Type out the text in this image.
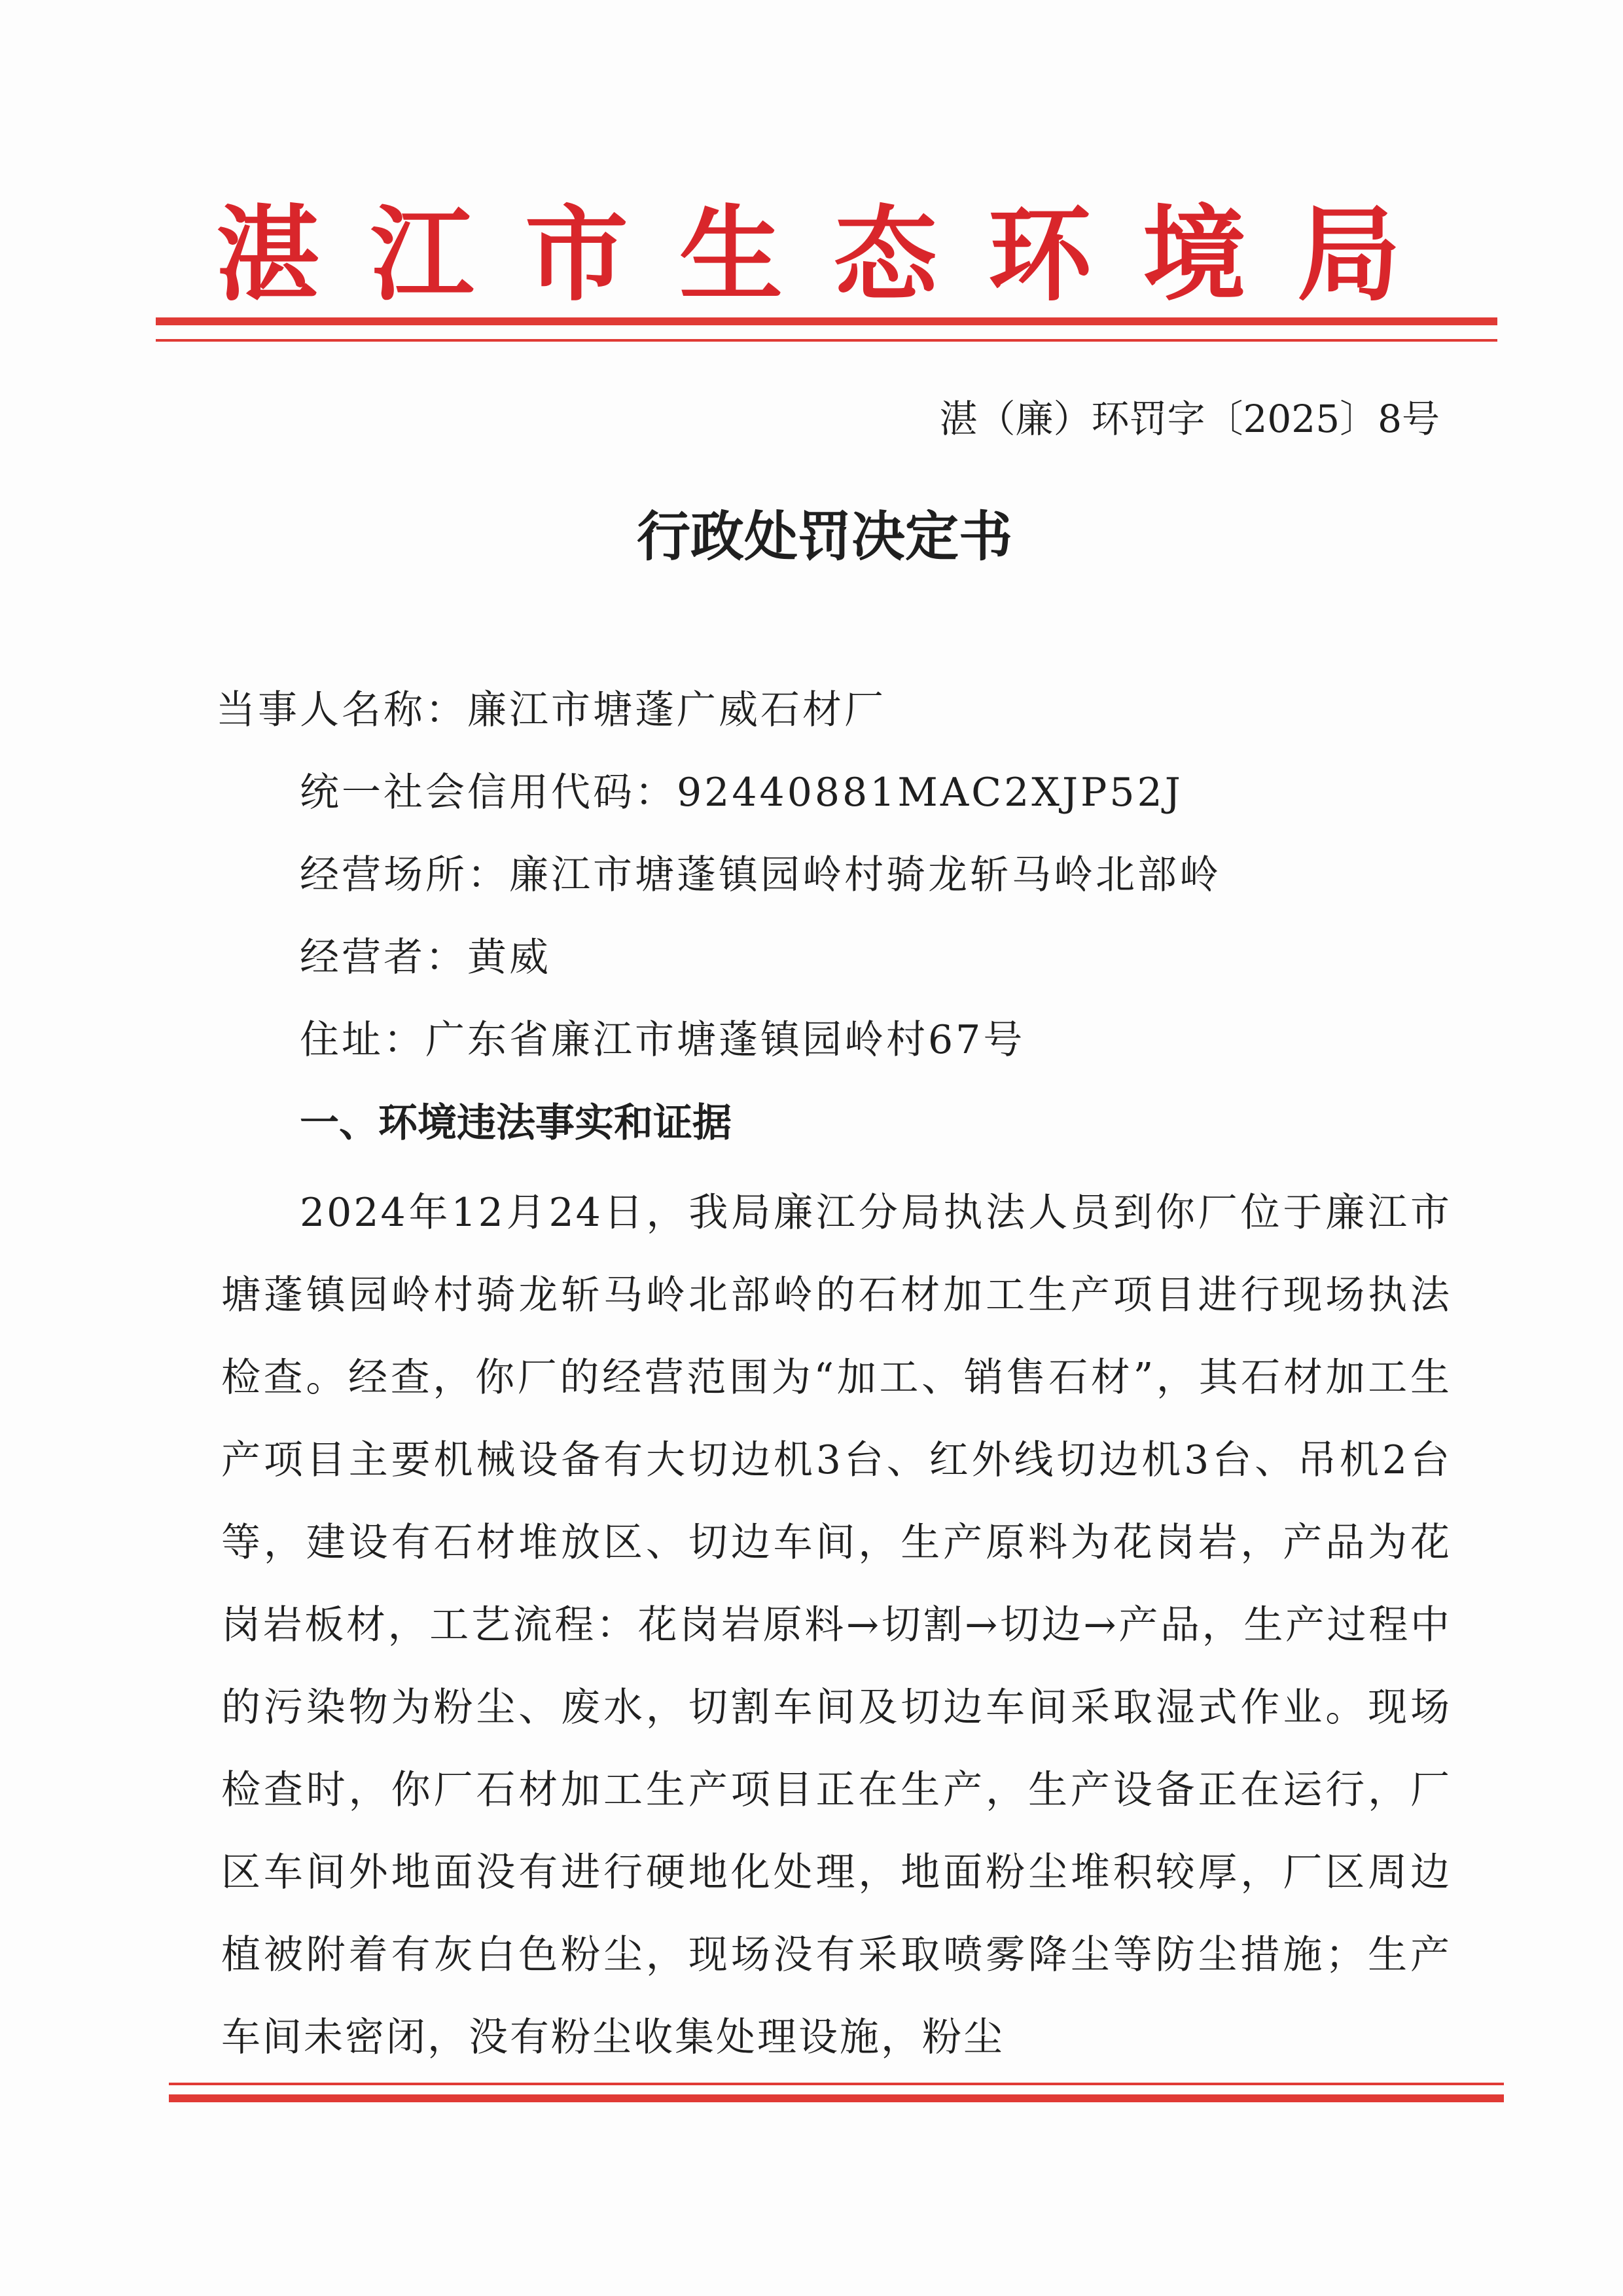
湛江市生态环境局
湛（廉）环罚字〔2025〕8号
行政处罚决定书
当事人名称：廉江市塘蓬广威石材厂
统一社会信用代码：92440881MAC2XJP52J
经营场所：廉江市塘蓬镇园岭村骑龙斩马岭北部岭
经营者：黄威
住址：广东省廉江市塘蓬镇园岭村67号
一、环境违法事实和证据
2024年12月24日，我局廉江分局执法人员到你厂位于廉江市塘蓬镇园岭村骑龙斩马岭北部岭的石材加工生产项目进行现场执法检查。经查，你厂的经营范围为“加工、销售石材”，其石材加工生产项目主要机械设备有大切边机3台、红外线切边机3台、吊机2台等，建设有石材堆放区、切边车间，生产原料为花岗岩，产品为花岗岩板材，工艺流程：花岗岩原料→切割→切边→产品，生产过程中的污染物为粉尘、废水，切割车间及切边车间采取湿式作业。现场检查时，你厂石材加工生产项目正在生产，生产设备正在运行，厂区车间外地面没有进行硬地化处理，地面粉尘堆积较厚，厂区周边植被附着有灰白色粉尘，现场没有采取喷雾降尘等防尘措施；生产车间未密闭，没有粉尘收集处理设施，粉尘
